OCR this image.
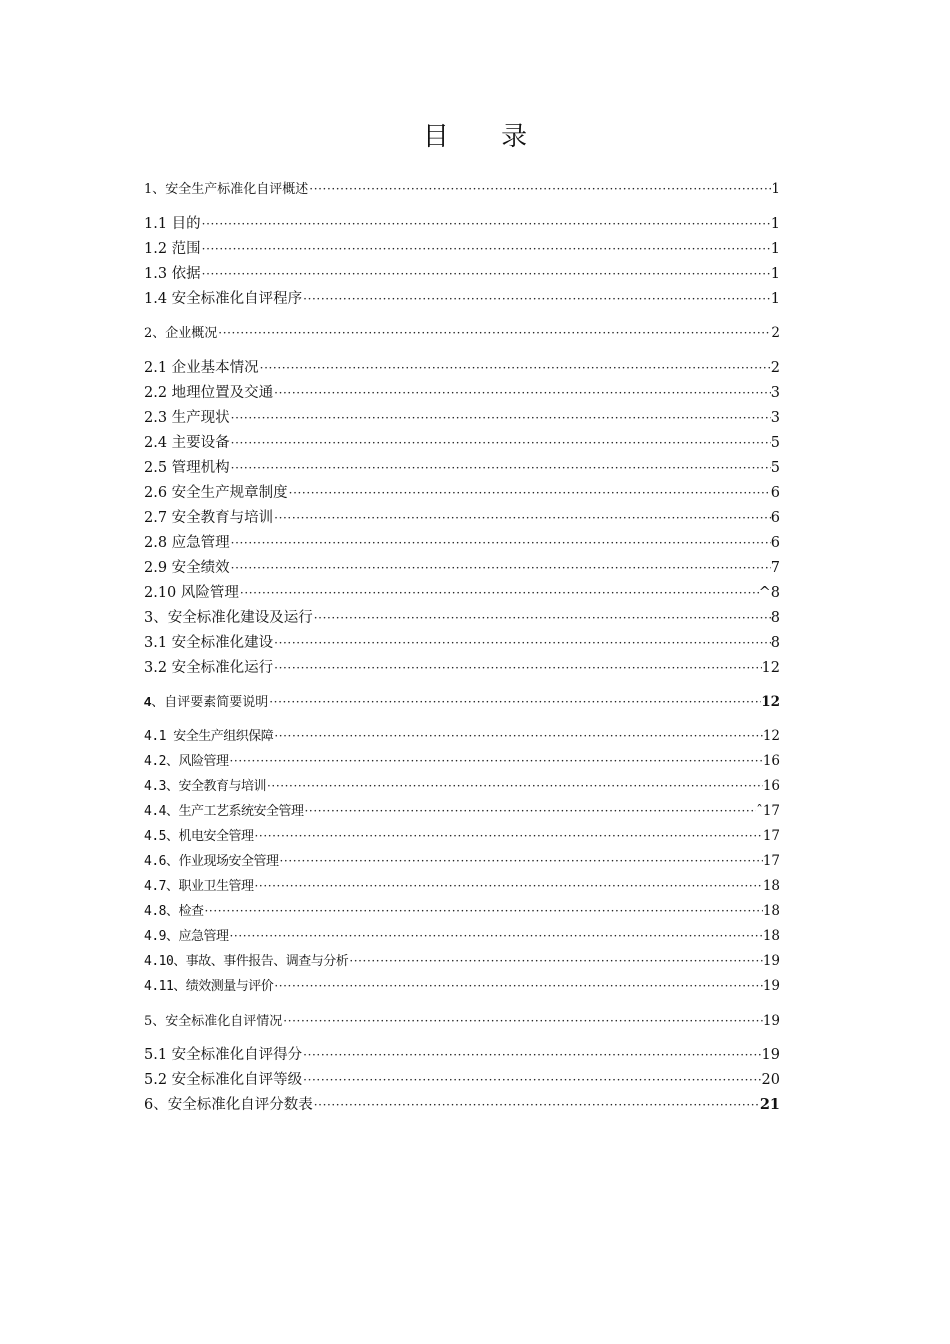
目 录
1、安全生产标准化自评概述 ·····	1
1.1 目的 ·····	1
1.2 范围 ·····	1
1.3 依据 ·····	1
1.4 安全标准化自评程序 ·····	1
2、企业概况 ·····	2
2.1 企业基本情况 ·····	2
2.2 地理位置及交通 ·····	3
2.3 生产现状 ·····	3
2.4 主要设备 ·····	5
2.5 管理机构 ·····	5
2.6 安全生产规章制度 ·····	6
2.7 安全教育与培训 ·····	6
2.8 应急管理 ·····	6
2.9 安全绩效 ·····	7
2.10 风险管理 ·····	^8
3、安全标准化建设及运行 ·····	8
3.1 安全标准化建设 ·····	8
3.2 安全标准化运行 ·····	12
4、自评要素简要说明 ·····	12
4.1 安全生产组织保障 ·····	12
4.2、风险管理 ·····	16
4.3、安全教育与培训 ·····	16
4.4、生产工艺系统安全管理 ·····	ˆ17
4.5、机电安全管理 ·····	17
4.6、作业现场安全管理 ·····	17
4.7、职业卫生管理 ·····	18
4.8、检查 ·····	18
4.9、应急管理 ·····	18
4.10、事故、事件报告、调查与分析 ·····	19
4.11、绩效测量与评价 ·····	19
5、安全标准化自评情况 ·····	19
5.1 安全标准化自评得分 ·····	19
5.2 安全标准化自评等级 ·····	20
6、安全标准化自评分数表 ·····	21
